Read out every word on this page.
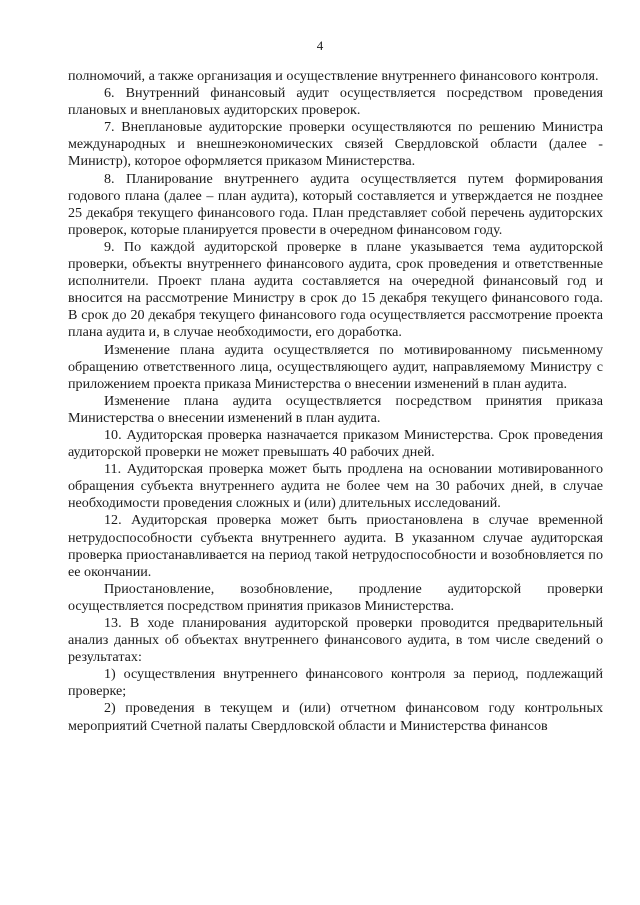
4

полномочий, а также организация и осуществление внутреннего финансового контроля.

6. Внутренний финансовый аудит осуществляется посредством проведения плановых и внеплановых аудиторских проверок.

7. Внеплановые аудиторские проверки осуществляются по решению Министра международных и внешнеэкономических связей Свердловской области (далее - Министр), которое оформляется приказом Министерства.

8. Планирование внутреннего аудита осуществляется путем формирования годового плана (далее – план аудита), который составляется и утверждается не позднее 25 декабря текущего финансового года. План представляет собой перечень аудиторских проверок, которые планируется провести в очередном финансовом году.

9. По каждой аудиторской проверке в плане указывается тема аудиторской проверки, объекты внутреннего финансового аудита, срок проведения и ответственные исполнители. Проект плана аудита составляется на очередной финансовый год и вносится на рассмотрение Министру в срок до 15 декабря текущего финансового года. В срок до 20 декабря текущего финансового года осуществляется рассмотрение проекта плана аудита и, в случае необходимости, его доработка.

Изменение плана аудита осуществляется по мотивированному письменному обращению ответственного лица, осуществляющего аудит, направляемому Министру с приложением проекта приказа Министерства о внесении изменений в план аудита.

Изменение плана аудита осуществляется посредством принятия приказа Министерства о внесении изменений в план аудита.

10. Аудиторская проверка назначается приказом Министерства. Срок проведения аудиторской проверки не может превышать 40 рабочих дней.

11. Аудиторская проверка может быть продлена на основании мотивированного обращения субъекта внутреннего аудита не более чем на 30 рабочих дней, в случае необходимости проведения сложных и (или) длительных исследований.

12. Аудиторская проверка может быть приостановлена в случае временной нетрудоспособности субъекта внутреннего аудита. В указанном случае аудиторская проверка приостанавливается на период такой нетрудоспособности и возобновляется по ее окончании.

Приостановление, возобновление, продление аудиторской проверки осуществляется посредством принятия приказов Министерства.

13. В ходе планирования аудиторской проверки проводится предварительный анализ данных об объектах внутреннего финансового аудита, в том числе сведений о результатах:

1) осуществления внутреннего финансового контроля за период, подлежащий проверке;

2) проведения в текущем и (или) отчетном финансовом году контрольных мероприятий Счетной палаты Свердловской области и Министерства финансов
